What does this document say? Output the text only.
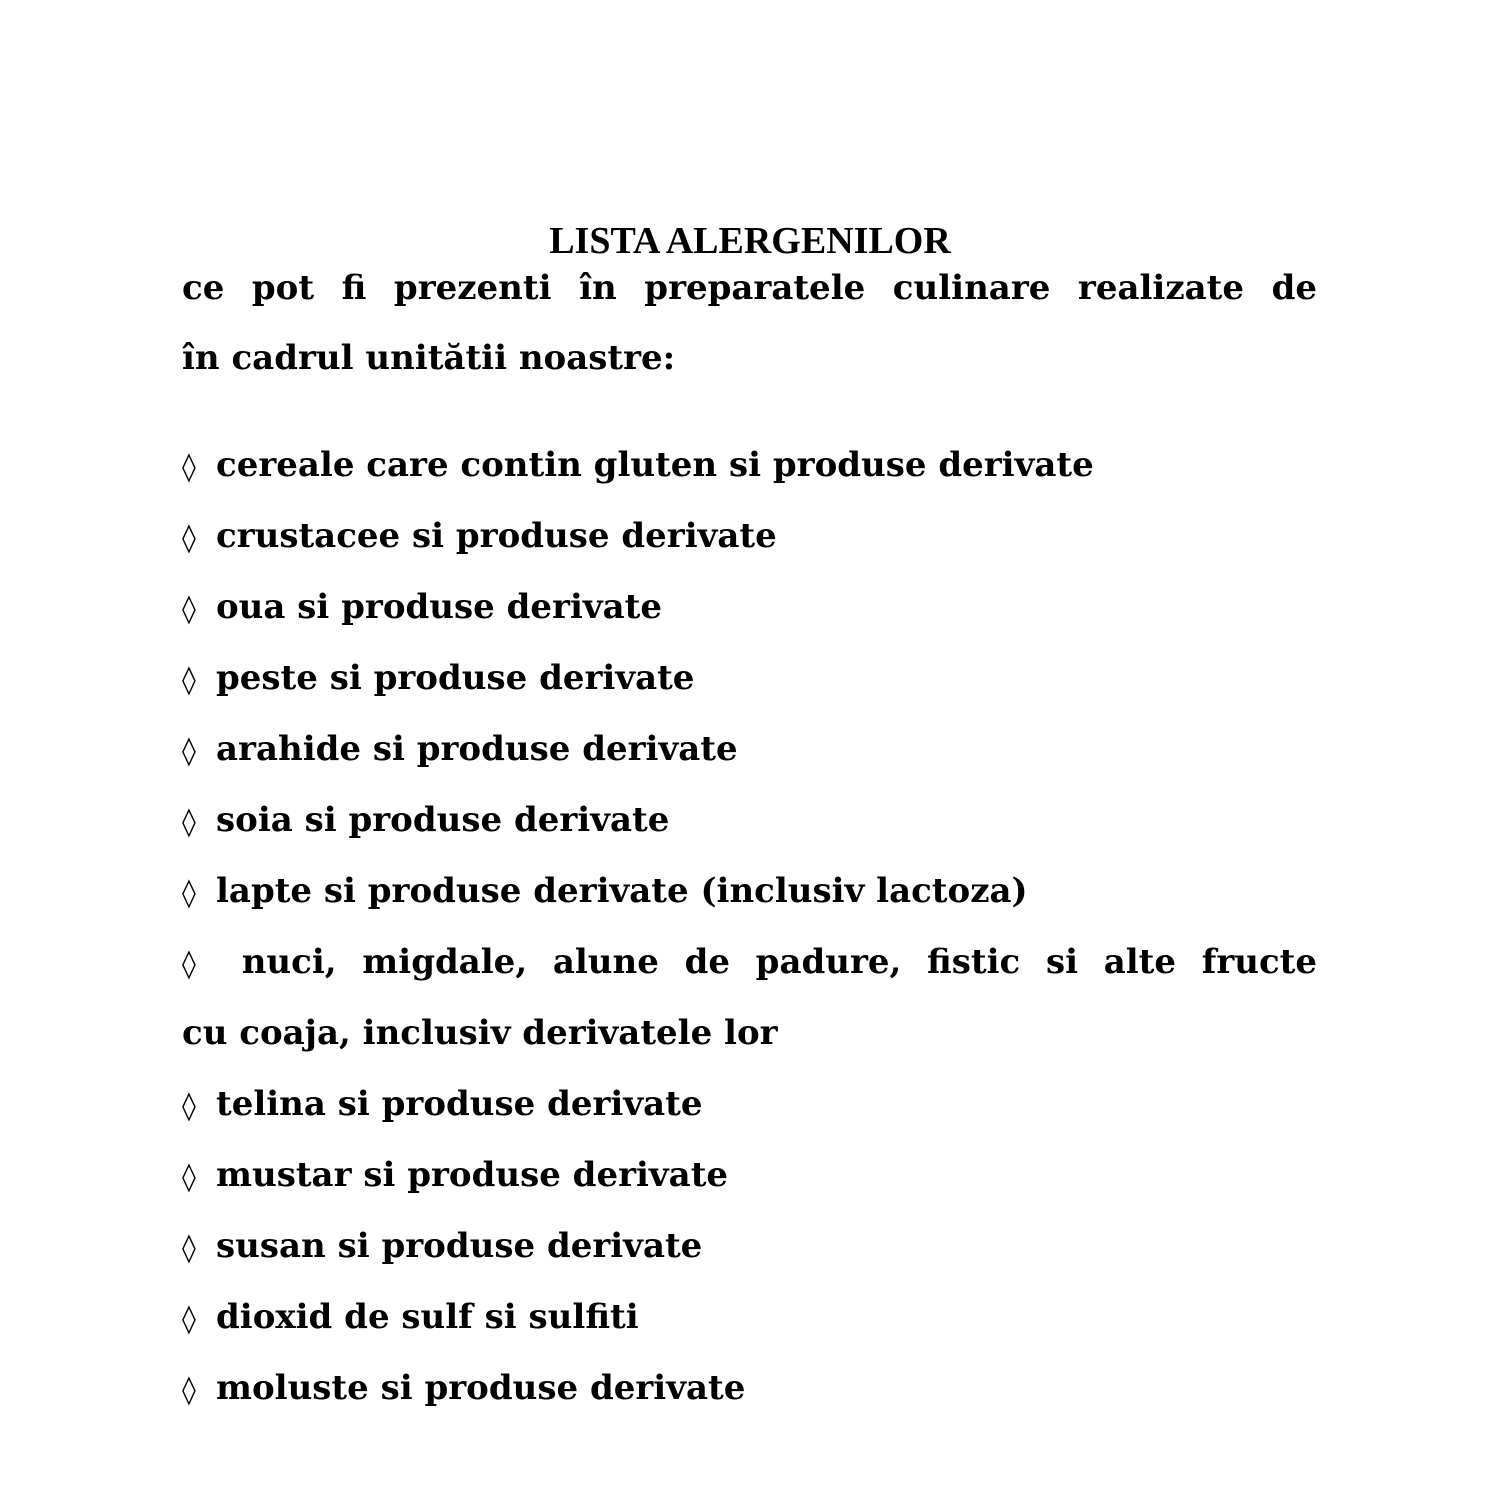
LISTA ALERGENILOR

ce pot fi prezenti în preparatele culinare realizate de

în cadrul unitătii noastre:

◊ cereale care contin gluten si produse derivate

◊ crustacee si produse derivate

◊ oua si produse derivate

◊ peste si produse derivate

◊ arahide si produse derivate

◊ soia si produse derivate

◊ lapte si produse derivate (inclusiv lactoza)

◊ nuci, migdale, alune de padure, fistic si alte fructe

cu coaja, inclusiv derivatele lor

◊ telina si produse derivate

◊ mustar si produse derivate

◊ susan si produse derivate

◊ dioxid de sulf si sulfiti

◊ moluste si produse derivate
